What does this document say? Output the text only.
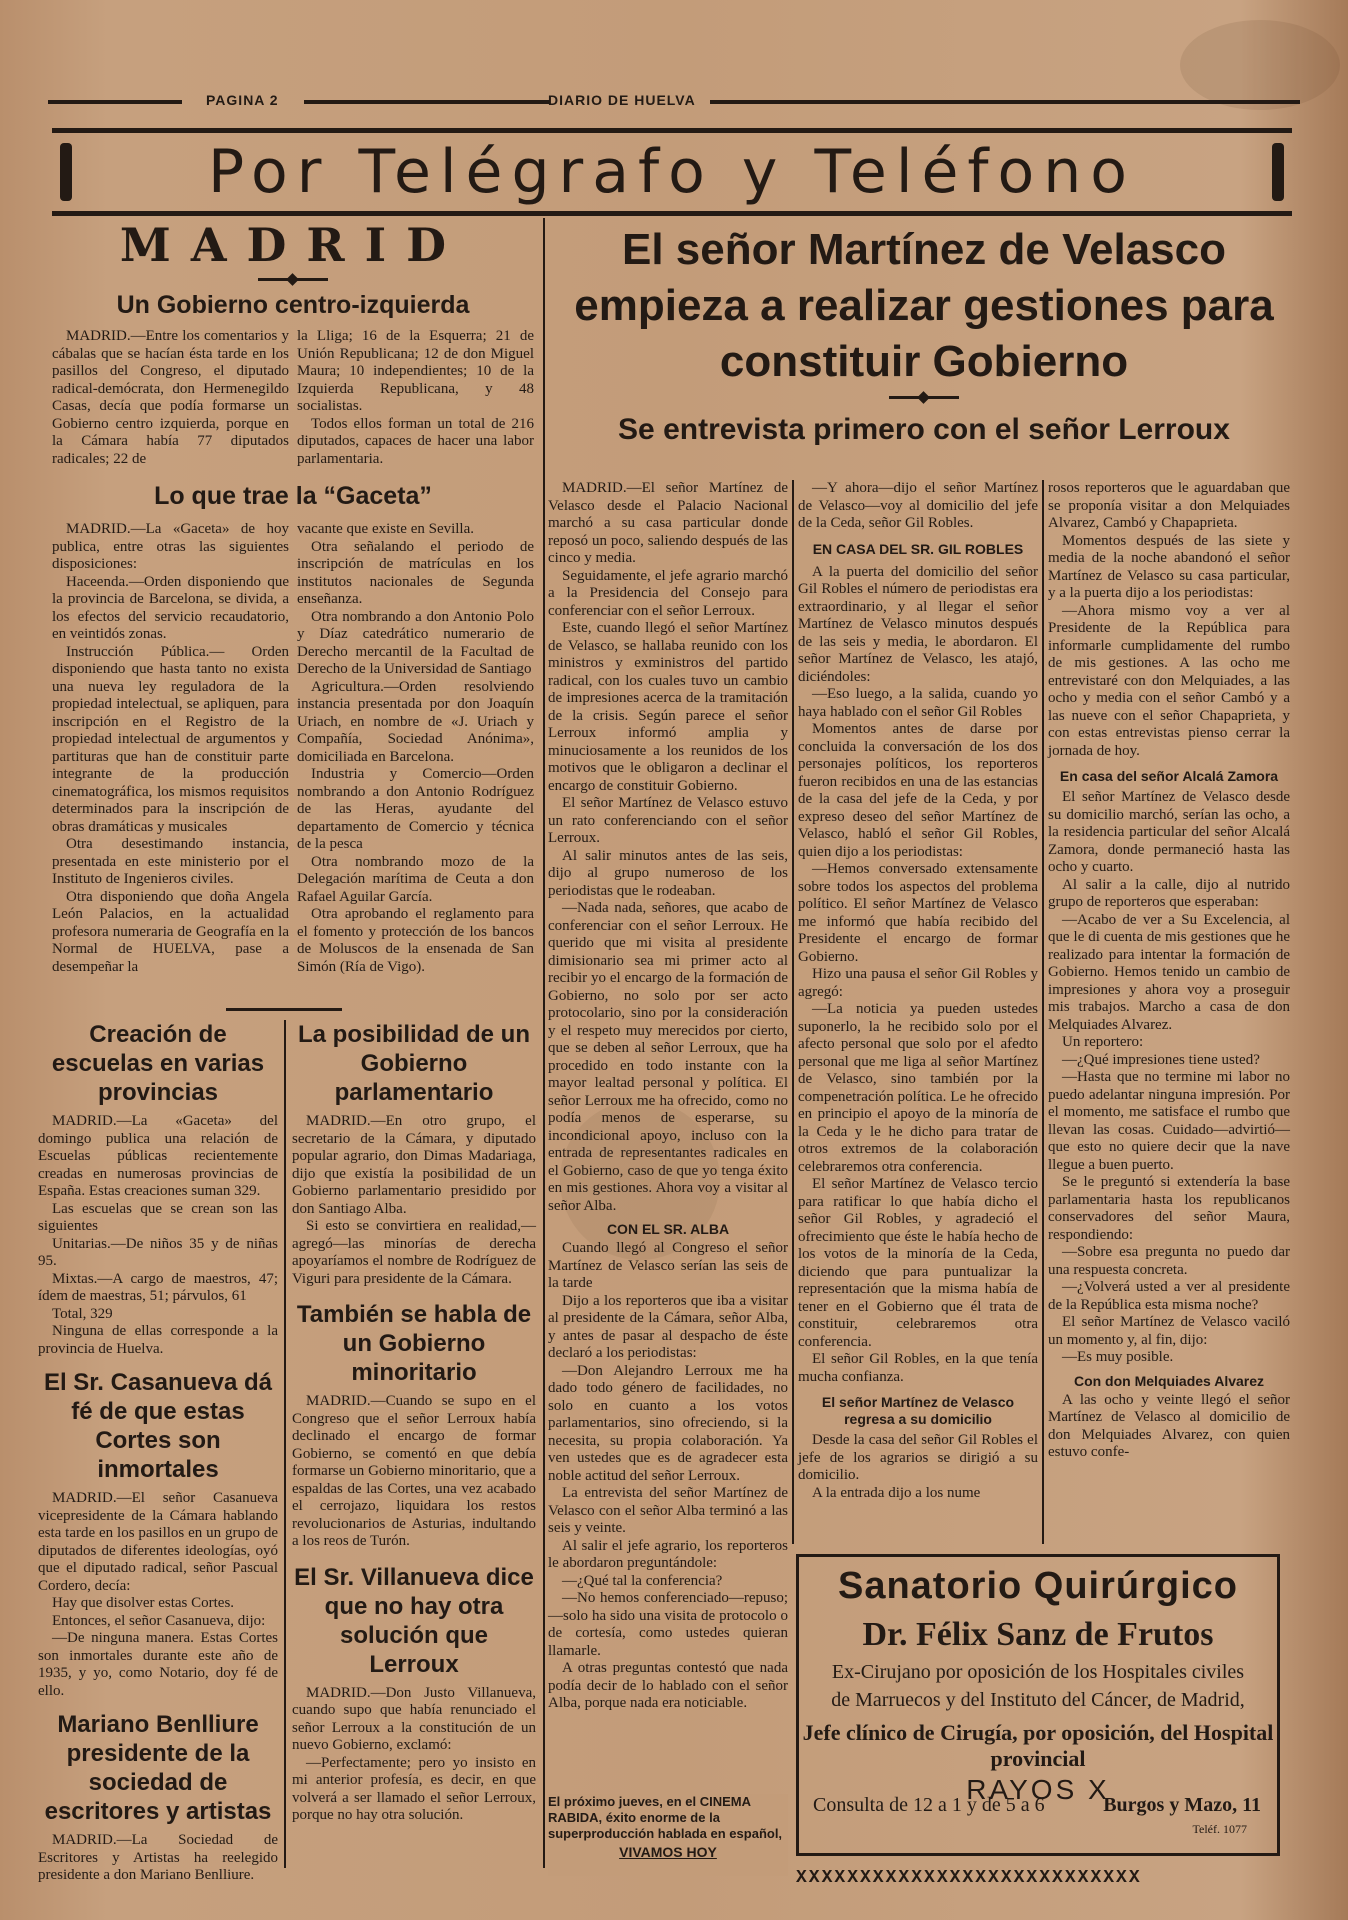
PAGINA 2	DIARIO DE HUELVA
Por Telégrafo y Teléfono
MADRID
Un Gobierno centro-izquierda

MADRID.—Entre los comentarios y cábalas que se hacían ésta tarde en los pasillos del Congreso, el diputado radical-demócrata, don Hermenegildo Casas, decía que podía formarse un Gobierno centro izquierda, porque en la Cámara había 77 diputados radicales; 22 de

la Lliga; 16 de la Esquerra; 21 de Unión Republicana; 12 de don Miguel Maura; 10 independientes; 10 de la Izquierda Republicana, y 48 socialistas.

Todos ellos forman un total de 216 diputados, capaces de hacer una labor parlamentaria.

Lo que trae la “Gaceta”

MADRID.—La «Gaceta» de hoy publica, entre otras las siguientes disposiciones:

Haceenda.—Orden disponiendo que la provincia de Barcelona, se divida, a los efectos del servicio recaudatorio, en veintidós zonas.

Instrucción Pública.— Orden disponiendo que hasta tanto no exista una nueva ley reguladora de la propiedad intelectual, se apliquen, para inscripción en el Registro de la propiedad intelectual de argumentos y partituras que han de constituir parte integrante de la producción cinematográfica, los mismos requisitos determinados para la inscripción de obras dramáticas y musicales

Otra desestimando instancia, presentada en este ministerio por el Instituto de Ingenieros civiles.

Otra disponiendo que doña Angela León Palacios, en la actualidad profesora numeraria de Geografía en la Normal de HUELVA, pase a desempeñar la

vacante que existe en Sevilla.

Otra señalando el periodo de inscripción de matrículas en los institutos nacionales de Segunda enseñanza.

Otra nombrando a don Antonio Polo y Díaz catedrático numerario de Derecho mercantil de la Facultad de Derecho de la Universidad de Santiago

Agricultura.—Orden resolviendo instancia presentada por don Joaquín Uriach, en nombre de «J. Uriach y Compañía, Sociedad Anónima», domiciliada en Barcelona.

Industria y Comercio—Orden nombrando a don Antonio Rodríguez de las Heras, ayudante del departamento de Comercio y técnica de la pesca

Otra nombrando mozo de la Delegación marítima de Ceuta a don Rafael Aguilar García.

Otra aprobando el reglamento para el fomento y protección de los bancos de Moluscos de la ensenada de San Simón (Ría de Vigo).

Creación de escuelas en varias provincias

MADRID.—La «Gaceta» del domingo publica una relación de Escuelas públicas recientemente creadas en numerosas provincias de España. Estas creaciones suman 329.

Las escuelas que se crean son las siguientes

Unitarias.—De niños 35 y de niñas 95.

Mixtas.—A cargo de maestros, 47; ídem de maestras, 51; párvulos, 61

Total, 329

Ninguna de ellas corresponde a la provincia de Huelva.

El Sr. Casanueva dá fé de que estas Cortes son inmortales

MADRID.—El señor Casanueva vicepresidente de la Cámara hablando esta tarde en los pasillos en un grupo de diputados de diferentes ideologías, oyó que el diputado radical, señor Pascual Cordero, decía:

Hay que disolver estas Cortes.

Entonces, el señor Casanueva, dijo:

—De ninguna manera. Estas Cortes son inmortales durante este año de 1935, y yo, como Notario, doy fé de ello.

Mariano Benlliure presidente de la sociedad de escritores y artistas

MADRID.—La Sociedad de Escritores y Artistas ha reelegido presidente a don Mariano Benlliure.

La posibilidad de un Gobierno parlamentario

MADRID.—En otro grupo, el secretario de la Cámara, y diputado popular agrario, don Dimas Madariaga, dijo que existía la posibilidad de un Gobierno parlamentario presidido por don Santiago Alba.

Si esto se convirtiera en realidad,—agregó—las minorías de derecha apoyaríamos el nombre de Rodríguez de Viguri para presidente de la Cámara.

También se habla de un Gobierno minoritario

MADRID.—Cuando se supo en el Congreso que el señor Lerroux había declinado el encargo de formar Gobierno, se comentó en que debía formarse un Gobierno minoritario, que a espaldas de las Cortes, una vez acabado el cerrojazo, liquidara los restos revolucionarios de Asturias, indultando a los reos de Turón.

El Sr. Villanueva dice que no hay otra solución que Lerroux

MADRID.—Don Justo Villanueva, cuando supo que había renunciado el señor Lerroux a la constitución de un nuevo Gobierno, exclamó:

—Perfectamente; pero yo insisto en mi anterior profesía, es decir, en que volverá a ser llamado el señor Lerroux, porque no hay otra solución.

El señor Martínez de Velasco empieza a realizar gestiones para constituir Gobierno
Se entrevista primero con el señor Lerroux

MADRID.—El señor Martínez de Velasco desde el Palacio Nacional marchó a su casa particular donde reposó un poco, saliendo después de las cinco y media.

Seguidamente, el jefe agrario marchó a la Presidencia del Consejo para conferenciar con el señor Lerroux.

Este, cuando llegó el señor Martínez de Velasco, se hallaba reunido con los ministros y exministros del partido radical, con los cuales tuvo un cambio de impresiones acerca de la tramitación de la crisis. Según parece el señor Lerroux informó amplia y minuciosamente a los reunidos de los motivos que le obligaron a declinar el encargo de constituir Gobierno.

El señor Martínez de Velasco estuvo un rato conferenciando con el señor Lerroux.

Al salir minutos antes de las seis, dijo al grupo numeroso de los periodistas que le rodeaban.

—Nada nada, señores, que acabo de conferenciar con el señor Lerroux. He querido que mi visita al presidente dimisionario sea mi primer acto al recibir yo el encargo de la formación de Gobierno, no solo por ser acto protocolario, sino por la consideración y el respeto muy merecidos por cierto, que se deben al señor Lerroux, que ha procedido en todo instante con la mayor lealtad personal y política. El señor Lerroux me ha ofrecido, como no podía menos de esperarse, su incondicional apoyo, incluso con la entrada de representantes radicales en el Gobierno, caso de que yo tenga éxito en mis gestiones. Ahora voy a visitar al señor Alba.

CON EL SR. ALBA

Cuando llegó al Congreso el señor Martínez de Velasco serían las seis de la tarde

Dijo a los reporteros que iba a visitar al presidente de la Cámara, señor Alba, y antes de pasar al despacho de éste declaró a los periodistas:

—Don Alejandro Lerroux me ha dado todo género de facilidades, no solo en cuanto a los votos parlamentarios, sino ofreciendo, si la necesita, su propia colaboración. Ya ven ustedes que es de agradecer esta noble actitud del señor Lerroux.

La entrevista del señor Martínez de Velasco con el señor Alba terminó a las seis y veinte.

Al salir el jefe agrario, los reporteros le abordaron preguntándole:

—¿Qué tal la conferencia?

—No hemos conferenciado—repuso;—solo ha sido una visita de protocolo o de cortesía, como ustedes quieran llamarle.

A otras preguntas contestó que nada podía decir de lo hablado con el señor Alba, porque nada era noticiable.

El próximo jueves, en el CINEMA RABIDA, éxito enorme de la superproducción hablada en español,

VIVAMOS HOY

—Y ahora—dijo el señor Martínez de Velasco—voy al domicilio del jefe de la Ceda, señor Gil Robles.

EN CASA DEL SR. GIL ROBLES

A la puerta del domicilio del señor Gil Robles el número de periodistas era extraordinario, y al llegar el señor Martínez de Velasco minutos después de las seis y media, le abordaron. El señor Martínez de Velasco, les atajó, diciéndoles:

—Eso luego, a la salida, cuando yo haya hablado con el señor Gil Robles

Momentos antes de darse por concluida la conversación de los dos personajes políticos, los reporteros fueron recibidos en una de las estancias de la casa del jefe de la Ceda, y por expreso deseo del señor Martínez de Velasco, habló el señor Gil Robles, quien dijo a los periodistas:

—Hemos conversado extensamente sobre todos los aspectos del problema político. El señor Martínez de Velasco me informó que había recibido del Presidente el encargo de formar Gobierno.

Hizo una pausa el señor Gil Robles y agregó:

—La noticia ya pueden ustedes suponerlo, la he recibido solo por el afecto personal que solo por el afedto personal que me liga al señor Martínez de Velasco, sino también por la compenetración política. Le he ofrecido en principio el apoyo de la minoría de la Ceda y le he dicho para tratar de otros extremos de la colaboración celebraremos otra conferencia.

El señor Martínez de Velasco tercio para ratificar lo que había dicho el señor Gil Robles, y agradeció el ofrecimiento que éste le había hecho de los votos de la minoría de la Ceda, diciendo que para puntualizar la representación que la misma había de tener en el Gobierno que él trata de constituir, celebraremos otra conferencia.

El señor Gil Robles, en la que tenía mucha confianza.

El señor Martínez de Velasco regresa a su domicilio

Desde la casa del señor Gil Robles el jefe de los agrarios se dirigió a su domicilio.

A la entrada dijo a los nume

rosos reporteros que le aguardaban que se proponía visitar a don Melquiades Alvarez, Cambó y Chapaprieta.

Momentos después de las siete y media de la noche abandonó el señor Martínez de Velasco su casa particular, y a la puerta dijo a los periodistas:

—Ahora mismo voy a ver al Presidente de la República para informarle cumplidamente del rumbo de mis gestiones. A las ocho me entrevistaré con don Melquiades, a las ocho y media con el señor Cambó y a las nueve con el señor Chapaprieta, y con estas entrevistas pienso cerrar la jornada de hoy.

En casa del señor Alcalá Zamora

El señor Martínez de Velasco desde su domicilio marchó, serían las ocho, a la residencia particular del señor Alcalá Zamora, donde permaneció hasta las ocho y cuarto.

Al salir a la calle, dijo al nutrido grupo de reporteros que esperaban:

—Acabo de ver a Su Excelencia, al que le di cuenta de mis gestiones que he realizado para intentar la formación de Gobierno. Hemos tenido un cambio de impresiones y ahora voy a proseguir mis trabajos. Marcho a casa de don Melquiades Alvarez.

Un reportero:

—¿Qué impresiones tiene usted?

—Hasta que no termine mi labor no puedo adelantar ninguna impresión. Por el momento, me satisface el rumbo que llevan las cosas. Cuidado—advirtió—que esto no quiere decir que la nave llegue a buen puerto.

Se le preguntó si extendería la base parlamentaria hasta los republicanos conservadores del señor Maura, respondiendo:

—Sobre esa pregunta no puedo dar una respuesta concreta.

—¿Volverá usted a ver al presidente de la República esta misma noche?

El señor Martínez de Velasco vaciló un momento y, al fin, dijo:

—Es muy posible.

Con don Melquiades Alvarez

A las ocho y veinte llegó el señor Martínez de Velasco al domicilio de don Melquiades Alvarez, con quien estuvo confe-

Sanatorio Quirúrgico
Dr. Félix Sanz de Frutos
Ex-Cirujano por oposición de los Hospitales civiles
de Marruecos y del Instituto del Cáncer, de Madrid,
Jefe clínico de Cirugía, por oposición, del Hospital provincial
RAYOS X
Consulta de 12 a 1 y de 5 a 6	Burgos y Mazo, 11
Teléf. 1077
XXXXXXXXXXXXXXXXXXXXXXXXXXX
